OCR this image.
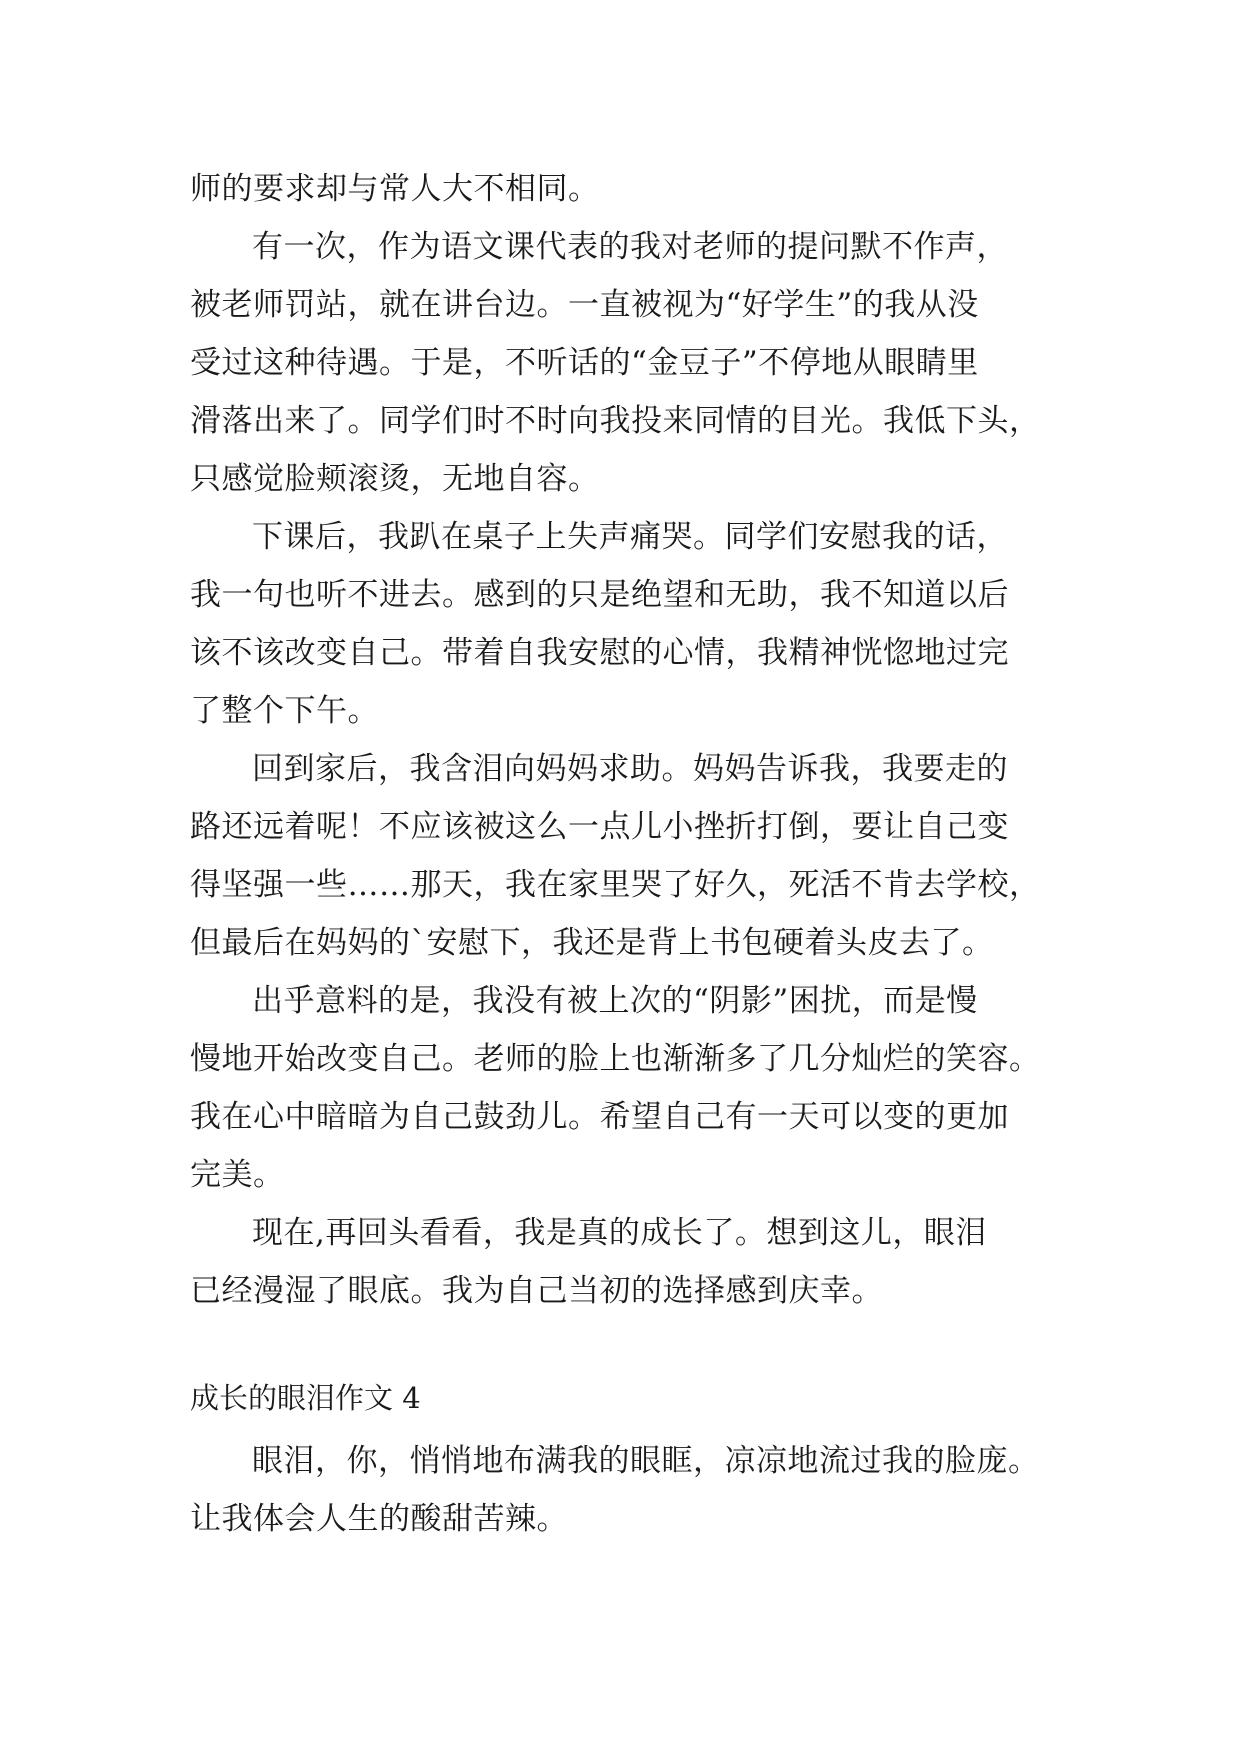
师的要求却与常人大不相同。
有一次，作为语文课代表的我对老师的提问默不作声，
被老师罚站，就在讲台边。一直被视为“好学生”的我从没
受过这种待遇。于是，不听话的“金豆子”不停地从眼睛里
滑落出来了。同学们时不时向我投来同情的目光。我低下头，
只感觉脸颊滚烫，无地自容。
下课后，我趴在桌子上失声痛哭。同学们安慰我的话，
我一句也听不进去。感到的只是绝望和无助，我不知道以后
该不该改变自己。带着自我安慰的心情，我精神恍惚地过完
了整个下午。
回到家后，我含泪向妈妈求助。妈妈告诉我，我要走的
路还远着呢！不应该被这么一点儿小挫折打倒，要让自己变
得坚强一些……那天，我在家里哭了好久，死活不肯去学校，
但最后在妈妈的`安慰下，我还是背上书包硬着头皮去了。
出乎意料的是，我没有被上次的“阴影”困扰，而是慢
慢地开始改变自己。老师的脸上也渐渐多了几分灿烂的笑容。
我在心中暗暗为自己鼓劲儿。希望自己有一天可以变的更加
完美。
现在,再回头看看，我是真的成长了。想到这儿，眼泪
已经漫湿了眼底。我为自己当初的选择感到庆幸。
成长的眼泪作文 4
眼泪，你，悄悄地布满我的眼眶，凉凉地流过我的脸庞。
让我体会人生的酸甜苦辣。
